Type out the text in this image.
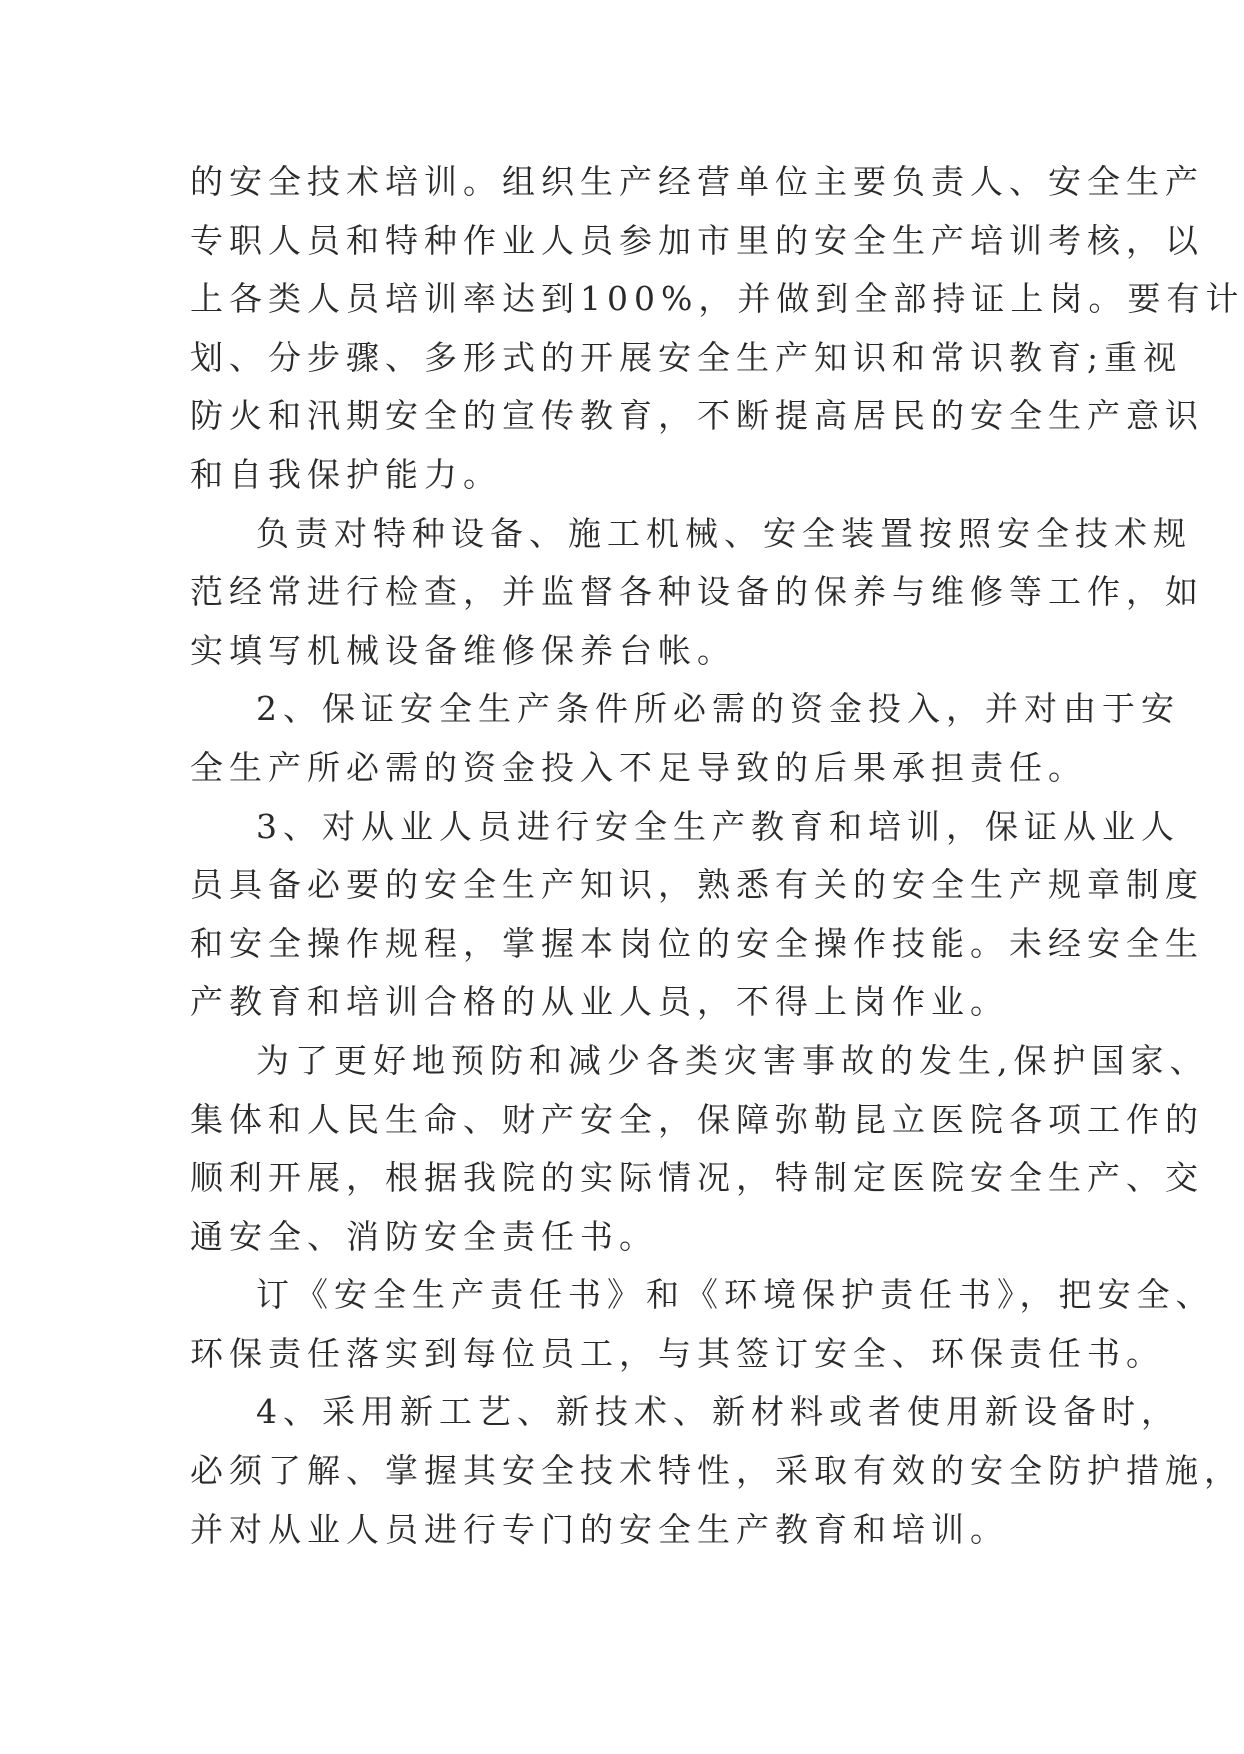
的安全技术培训。组织生产经营单位主要负责人、安全生产
专职人员和特种作业人员参加市里的安全生产培训考核，以
上各类人员培训率达到100%，并做到全部持证上岗。要有计
划、分步骤、多形式的开展安全生产知识和常识教育;重视
防火和汛期安全的宣传教育，不断提高居民的安全生产意识
和自我保护能力。
负责对特种设备、施工机械、安全装置按照安全技术规
范经常进行检查，并监督各种设备的保养与维修等工作，如
实填写机械设备维修保养台帐。
2、保证安全生产条件所必需的资金投入，并对由于安
全生产所必需的资金投入不足导致的后果承担责任。
3、对从业人员进行安全生产教育和培训，保证从业人
员具备必要的安全生产知识，熟悉有关的安全生产规章制度
和安全操作规程，掌握本岗位的安全操作技能。未经安全生
产教育和培训合格的从业人员，不得上岗作业。
为了更好地预防和减少各类灾害事故的发生,保护国家、
集体和人民生命、财产安全，保障弥勒昆立医院各项工作的
顺利开展，根据我院的实际情况，特制定医院安全生产、交
通安全、消防安全责任书。
订《安全生产责任书》和《环境保护责任书》，把安全、
环保责任落实到每位员工，与其签订安全、环保责任书。
4、采用新工艺、新技术、新材料或者使用新设备时，
必须了解、掌握其安全技术特性，采取有效的安全防护措施，
并对从业人员进行专门的安全生产教育和培训。
